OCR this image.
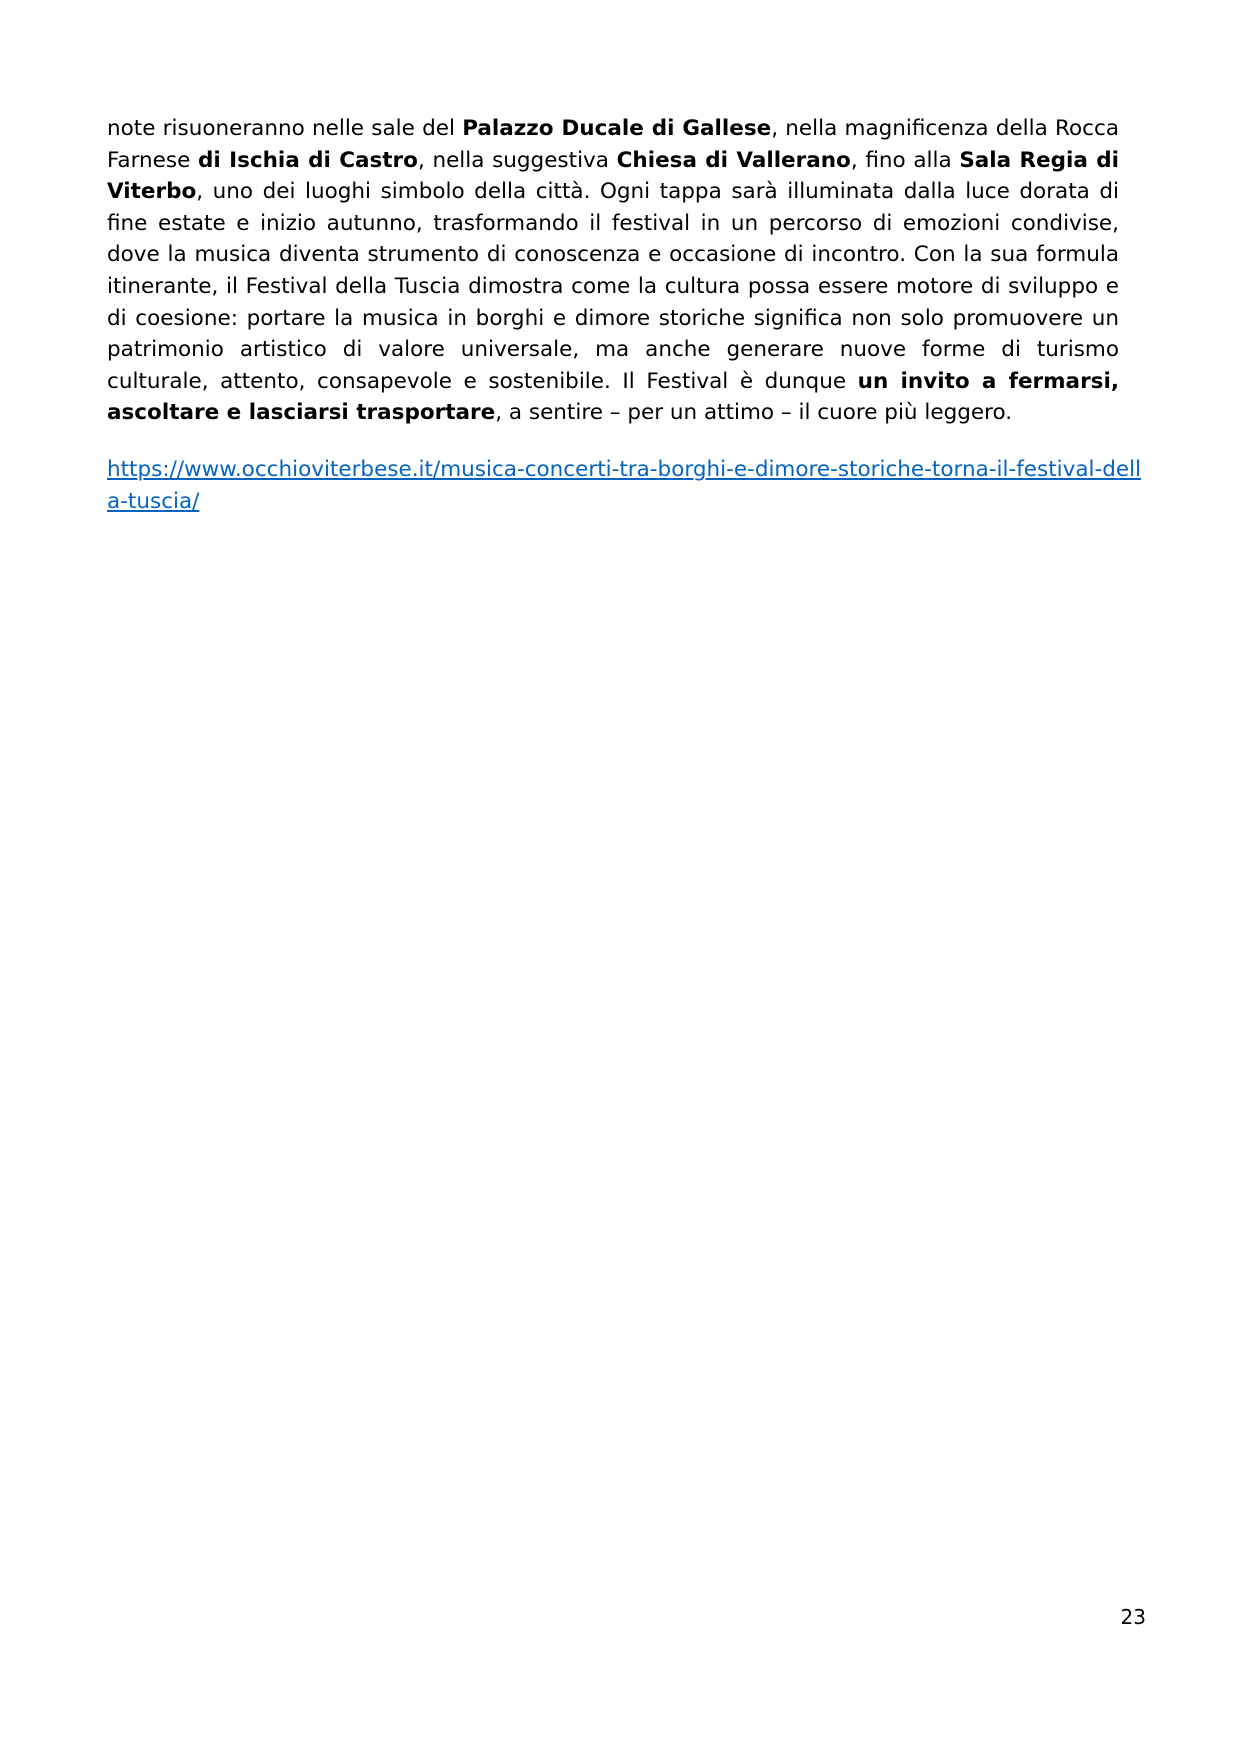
note risuoneranno nelle sale del Palazzo Ducale di Gallese, nella magnificenza della Rocca Farnese di Ischia di Castro, nella suggestiva Chiesa di Vallerano, fino alla Sala Regia di Viterbo, uno dei luoghi simbolo della città. Ogni tappa sarà illuminata dalla luce dorata di fine estate e inizio autunno, trasformando il festival in un percorso di emozioni condivise, dove la musica diventa strumento di conoscenza e occasione di incontro. Con la sua formula itinerante, il Festival della Tuscia dimostra come la cultura possa essere motore di sviluppo e di coesione: portare la musica in borghi e dimore storiche significa non solo promuovere un patrimonio artistico di valore universale, ma anche generare nuove forme di turismo culturale, attento, consapevole e sostenibile. Il Festival è dunque un invito a fermarsi, ascoltare e lasciarsi trasportare, a sentire – per un attimo – il cuore più leggero.

https://www.occhioviterbese.it/musica-concerti-tra-borghi-e-dimore-storiche-torna-il-festival-della-tuscia/
23
